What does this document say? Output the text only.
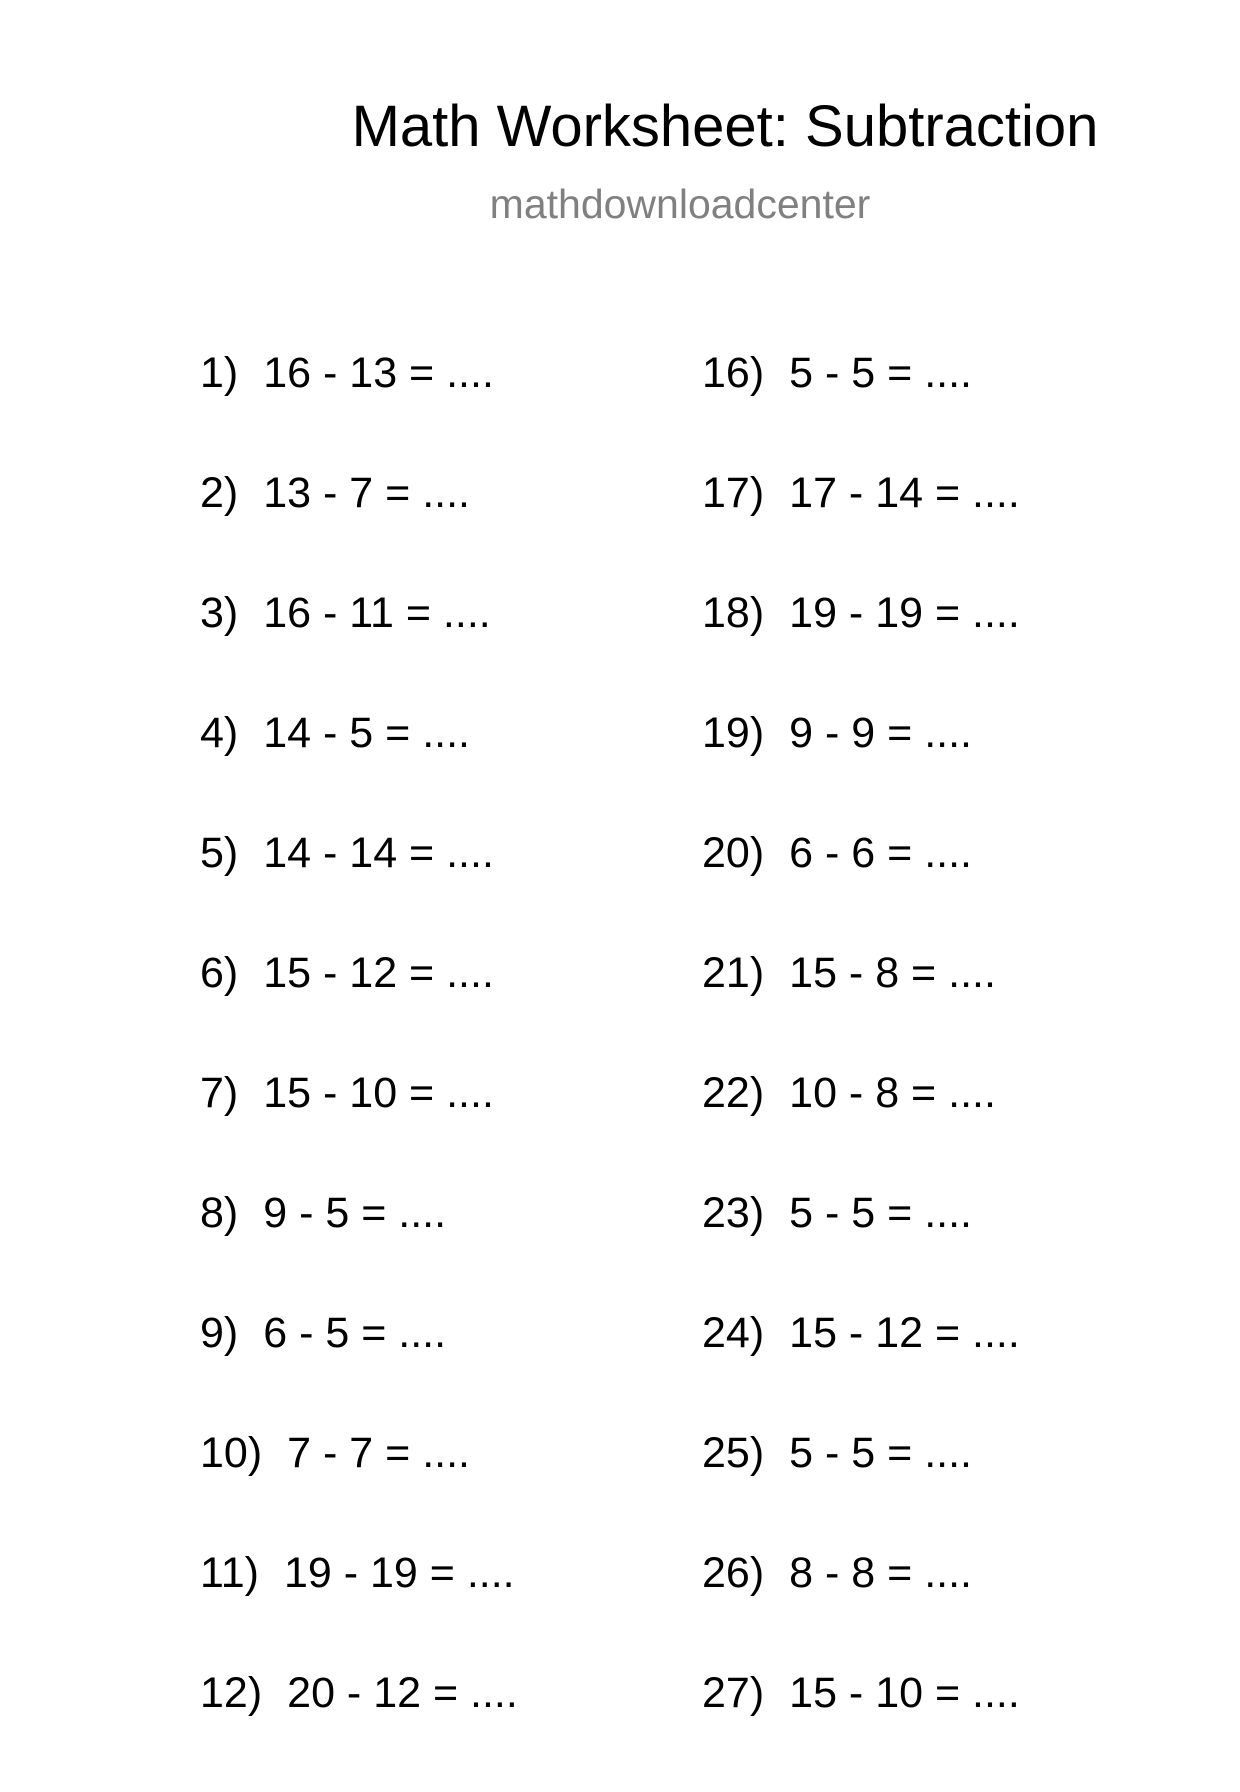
Math Worksheet: Subtraction
mathdownloadcenter
1) 16 - 13 = ....
2) 13 - 7 = ....
3) 16 - 11 = ....
4) 14 - 5 = ....
5) 14 - 14 = ....
6) 15 - 12 = ....
7) 15 - 10 = ....
8) 9 - 5 = ....
9) 6 - 5 = ....
10) 7 - 7 = ....
11) 19 - 19 = ....
12) 20 - 12 = ....
16) 5 - 5 = ....
17) 17 - 14 = ....
18) 19 - 19 = ....
19) 9 - 9 = ....
20) 6 - 6 = ....
21) 15 - 8 = ....
22) 10 - 8 = ....
23) 5 - 5 = ....
24) 15 - 12 = ....
25) 5 - 5 = ....
26) 8 - 8 = ....
27) 15 - 10 = ....
